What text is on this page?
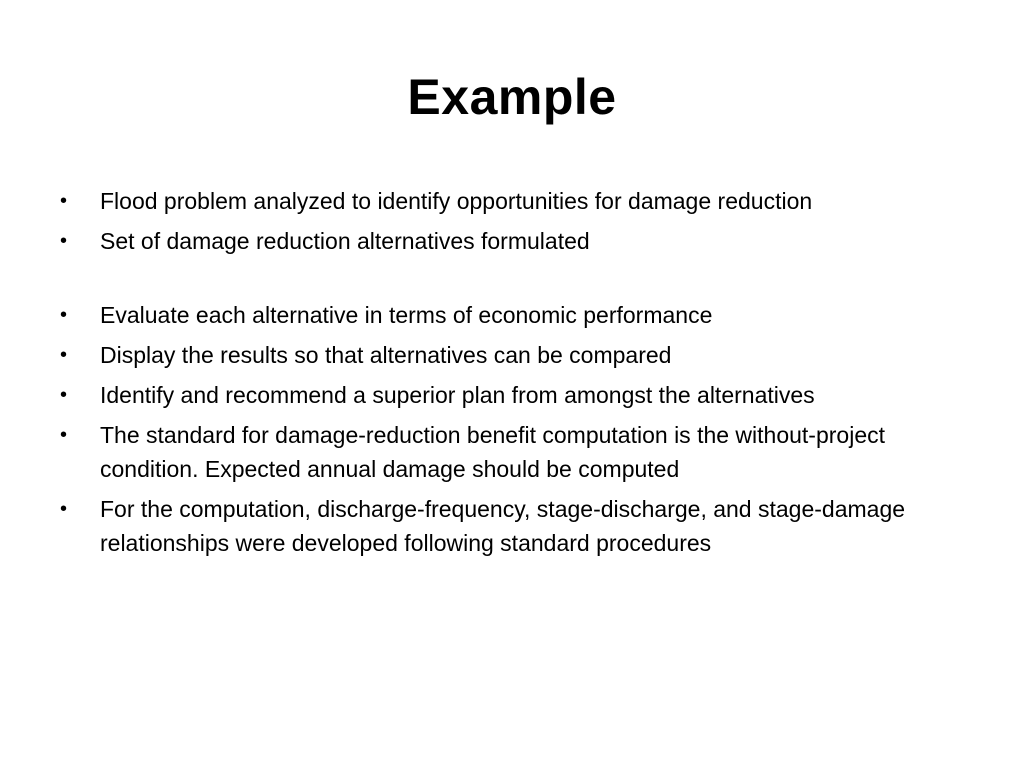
Example
•	Flood problem analyzed to identify opportunities for damage reduction
•	Set of damage reduction alternatives formulated
•	Evaluate each alternative in terms of economic performance
•	Display the results so that alternatives can be compared
•	Identify and recommend a superior plan from amongst the alternatives
•	The standard for damage-reduction benefit computation is the without-project condition. Expected annual damage should be computed
•	For the computation, discharge-frequency, stage-discharge, and stage-damage relationships were developed following standard procedures
